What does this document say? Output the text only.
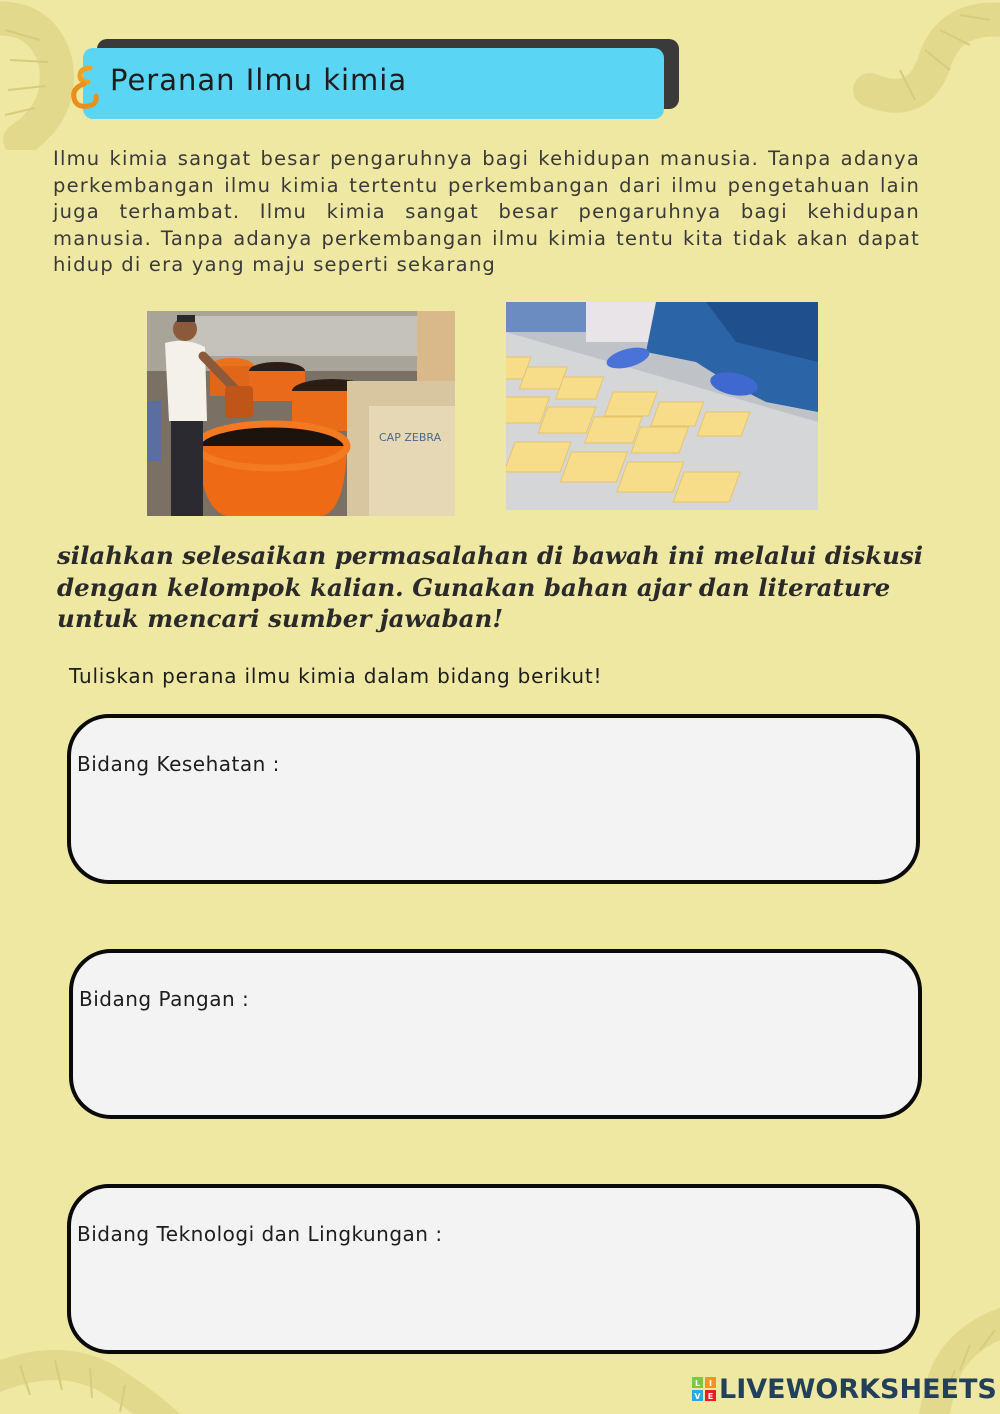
Peranan Ilmu kimia

Ilmu kimia sangat besar pengaruhnya bagi kehidupan manusia. Tanpa adanya perkembangan ilmu kimia tertentu perkembangan dari ilmu pengetahuan lain juga terhambat. Ilmu kimia sangat besar pengaruhnya bagi kehidupan manusia. Tanpa adanya perkembangan ilmu kimia tentu kita tidak akan dapat hidup di era yang maju seperti sekarang

CAP ZEBRA

silahkan selesaikan permasalahan di bawah ini melalui diskusi dengan kelompok kalian. Gunakan bahan ajar dan literature untuk mencari sumber jawaban!

Tuliskan perana ilmu kimia dalam bidang berikut!
Bidang Kesehatan :
Bidang Pangan :
Bidang Teknologi dan Lingkungan :
L I
V E LIVEWORKSHEETS
